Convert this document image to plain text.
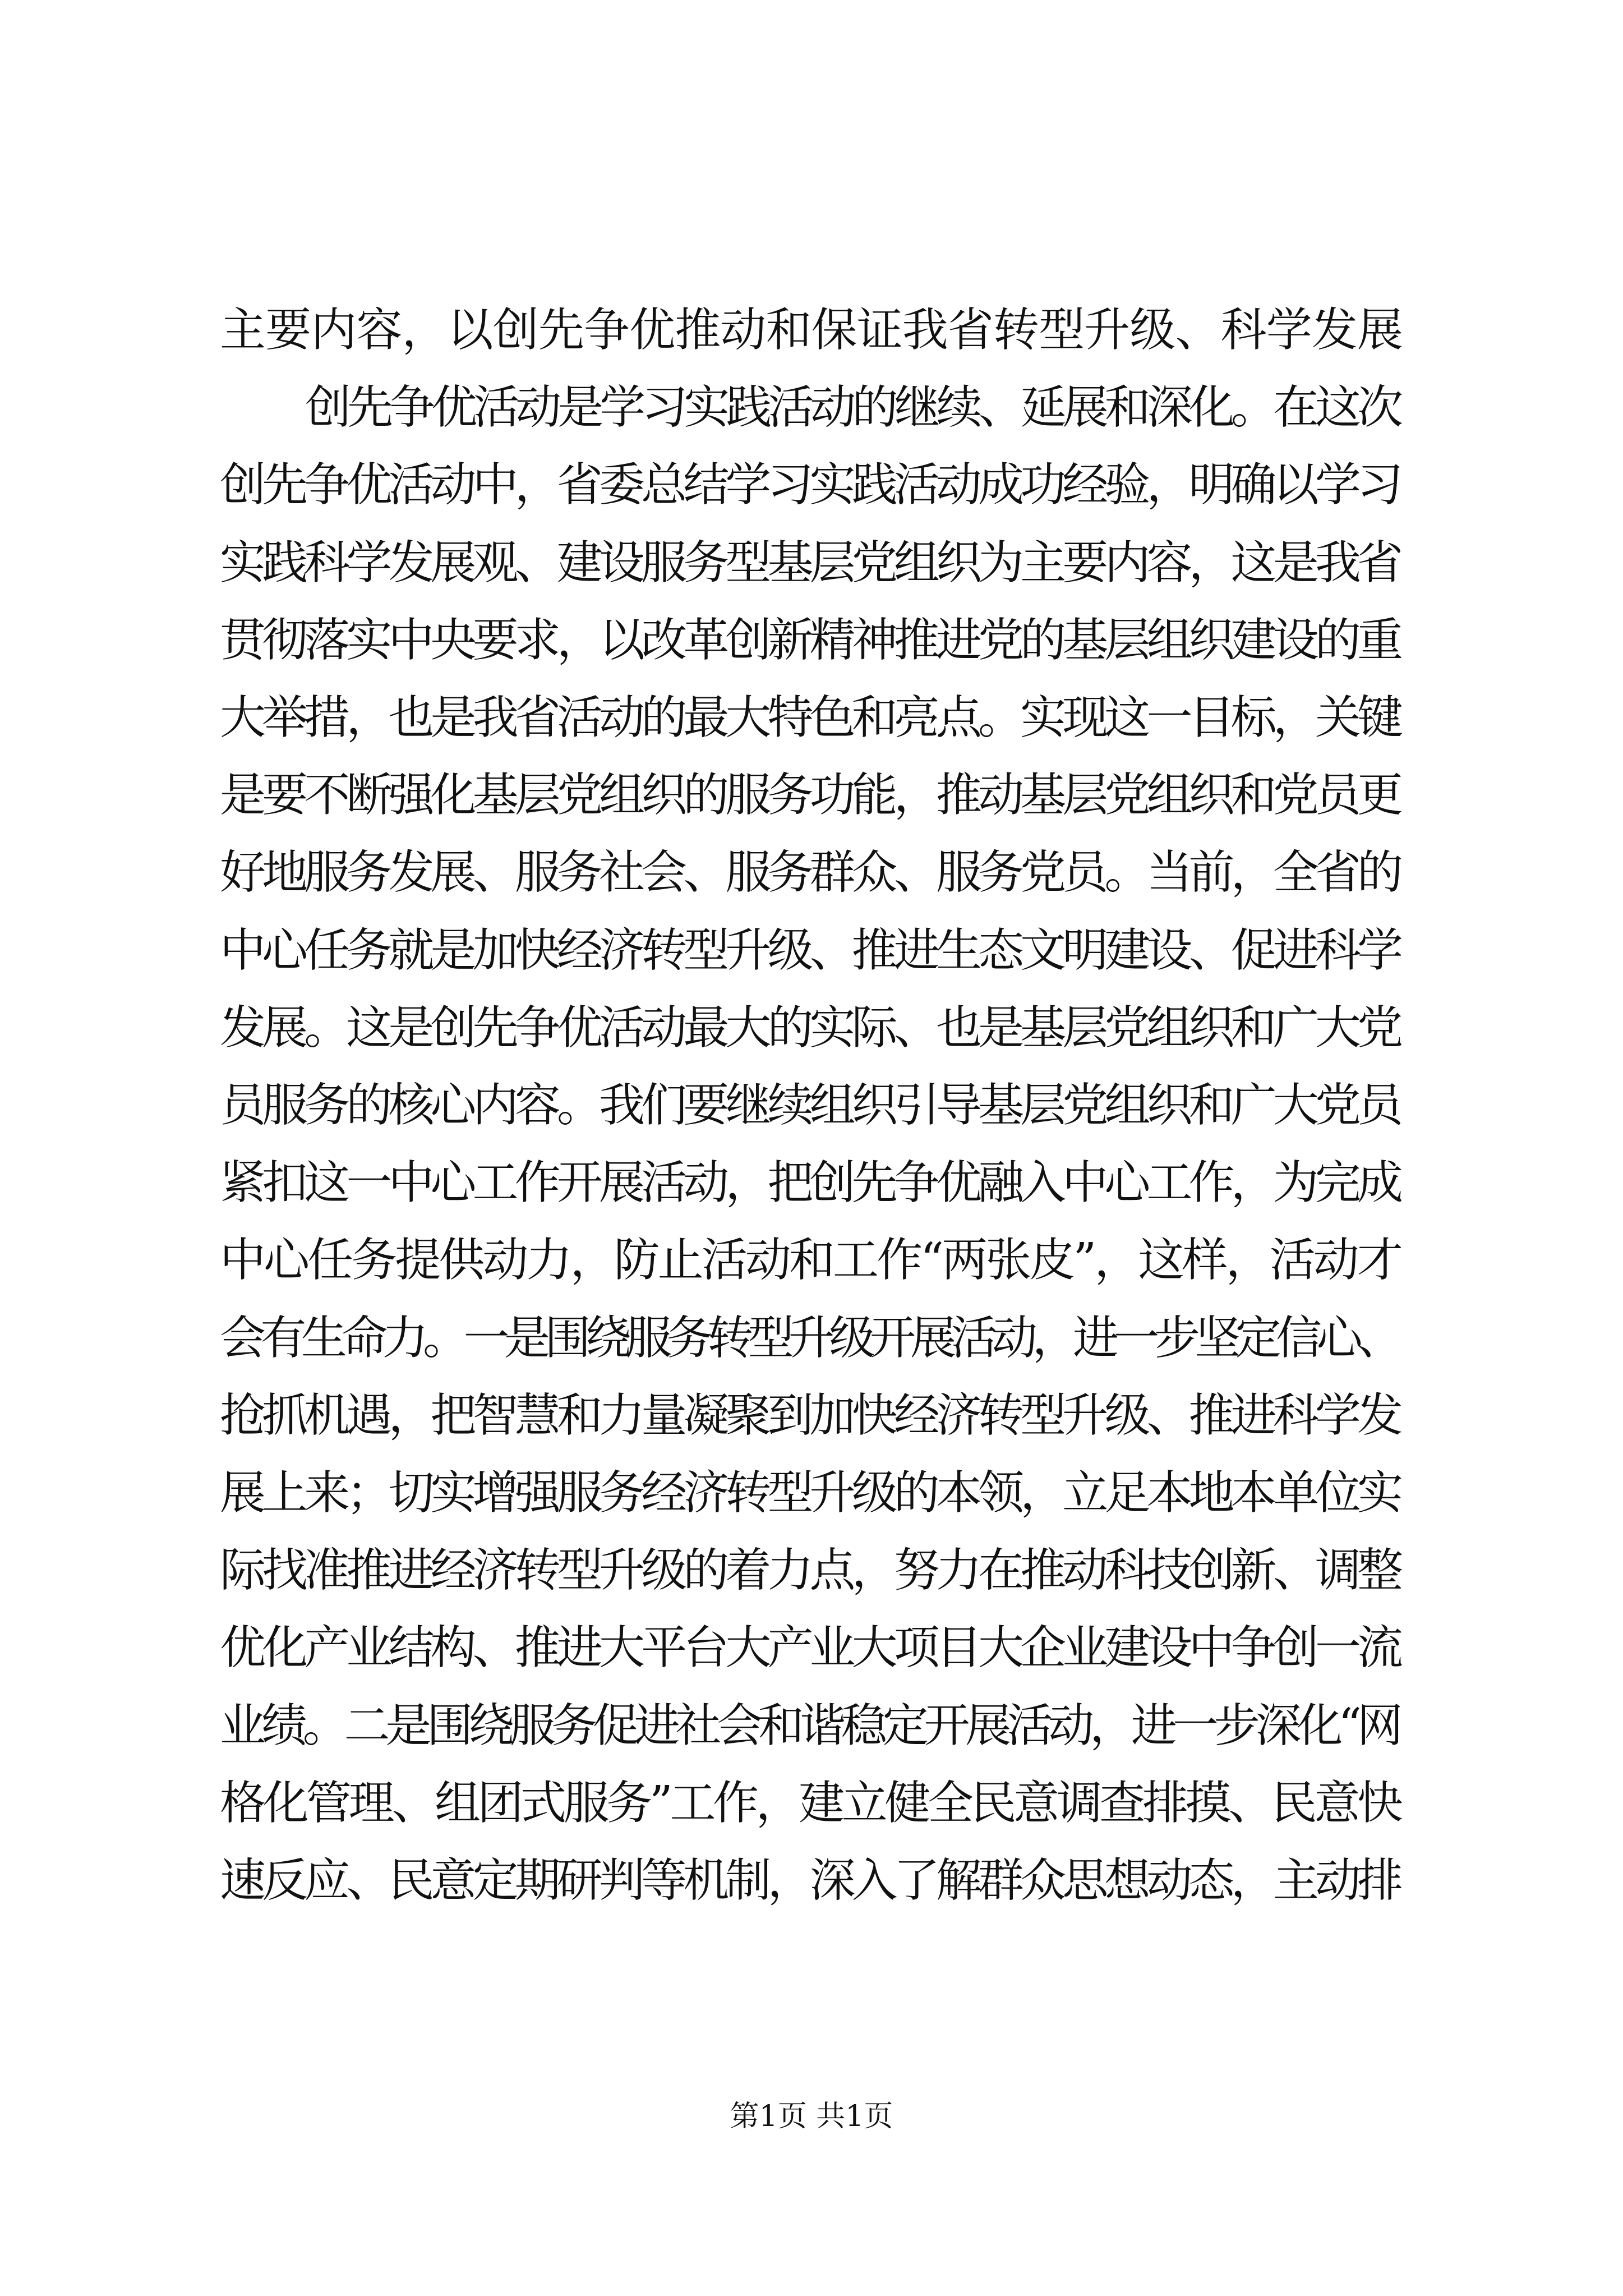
主要内容，以创先争优推动和保证我省转型升级、科学发展
创先争优活动是学习实践活动的继续、延展和深化。在这次
创先争优活动中，省委总结学习实践活动成功经验，明确以学习
实践科学发展观、建设服务型基层党组织为主要内容，这是我省
贯彻落实中央要求，以改革创新精神推进党的基层组织建设的重
大举措，也是我省活动的最大特色和亮点。实现这一目标，关键
是要不断强化基层党组织的服务功能，推动基层党组织和党员更
好地服务发展、服务社会、服务群众、服务党员。当前，全省的
中心任务就是加快经济转型升级、推进生态文明建设、促进科学
发展。这是创先争优活动最大的实际、也是基层党组织和广大党
员服务的核心内容。我们要继续组织引导基层党组织和广大党员
紧扣这一中心工作开展活动，把创先争优融入中心工作，为完成
中心任务提供动力，防止活动和工作“两张皮”，这样，活动才
会有生命力。一是围绕服务转型升级开展活动，进一步坚定信心、
抢抓机遇，把智慧和力量凝聚到加快经济转型升级、推进科学发
展上来；切实增强服务经济转型升级的本领，立足本地本单位实
际找准推进经济转型升级的着力点，努力在推动科技创新、调整
优化产业结构、推进大平台大产业大项目大企业建设中争创一流
业绩。二是围绕服务促进社会和谐稳定开展活动，进一步深化“网
格化管理、组团式服务”工作，建立健全民意调查排摸、民意快
速反应、民意定期研判等机制，深入了解群众思想动态，主动排
第1页 共1页
